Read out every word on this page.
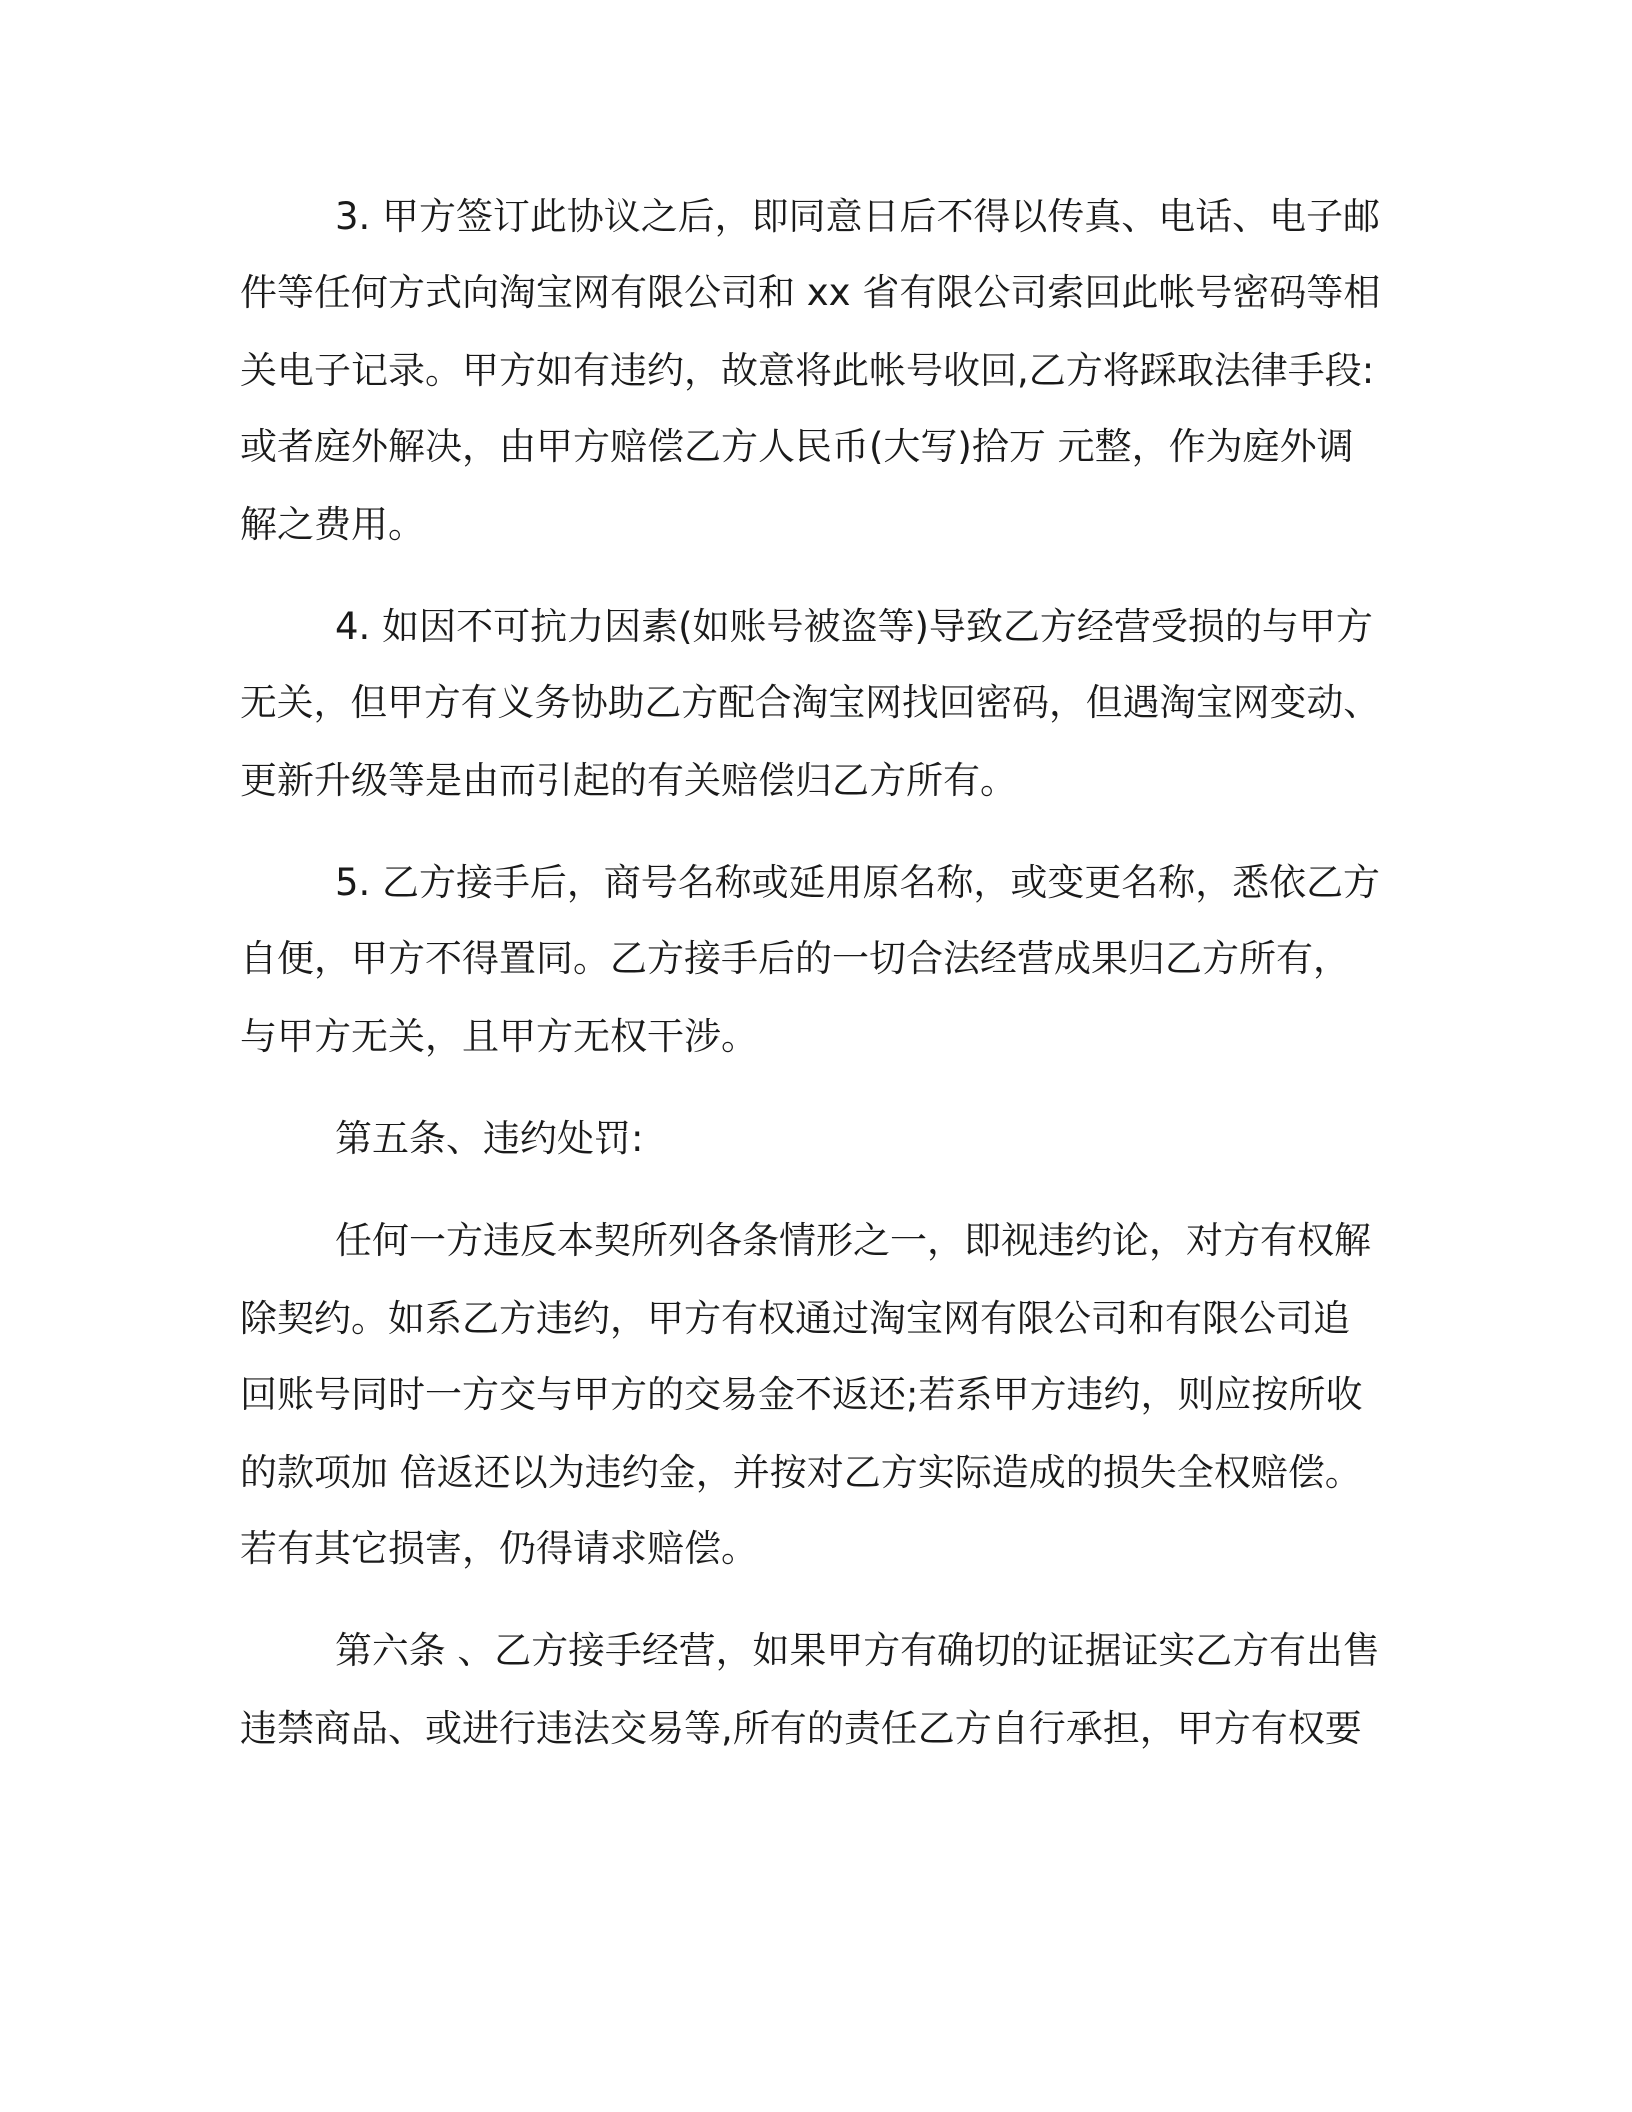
3. 甲方签订此协议之后，即同意日后不得以传真、电话、电子邮
件等任何方式向淘宝网有限公司和 xx 省有限公司索回此帐号密码等相
关电子记录。甲方如有违约，故意将此帐号收回,乙方将踩取法律手段:
或者庭外解决，由甲方赔偿乙方人民币(大写)拾万 元整，作为庭外调
解之费用。
4. 如因不可抗力因素(如账号被盗等)导致乙方经营受损的与甲方
无关，但甲方有义务协助乙方配合淘宝网找回密码，但遇淘宝网变动、
更新升级等是由而引起的有关赔偿归乙方所有。
5. 乙方接手后，商号名称或延用原名称，或变更名称，悉依乙方
自便，甲方不得置同。乙方接手后的一切合法经营成果归乙方所有，
与甲方无关，且甲方无权干涉。
第五条、违约处罚:
任何一方违反本契所列各条情形之一，即视违约论，对方有权解
除契约。如系乙方违约，甲方有权通过淘宝网有限公司和有限公司追
回账号同时一方交与甲方的交易金不返还;若系甲方违约，则应按所收
的款项加 倍返还以为违约金，并按对乙方实际造成的损失全权赔偿。
若有其它损害，仍得请求赔偿。
第六条 、乙方接手经营，如果甲方有确切的证据证实乙方有出售
违禁商品、或进行违法交易等,所有的责任乙方自行承担，甲方有权要
